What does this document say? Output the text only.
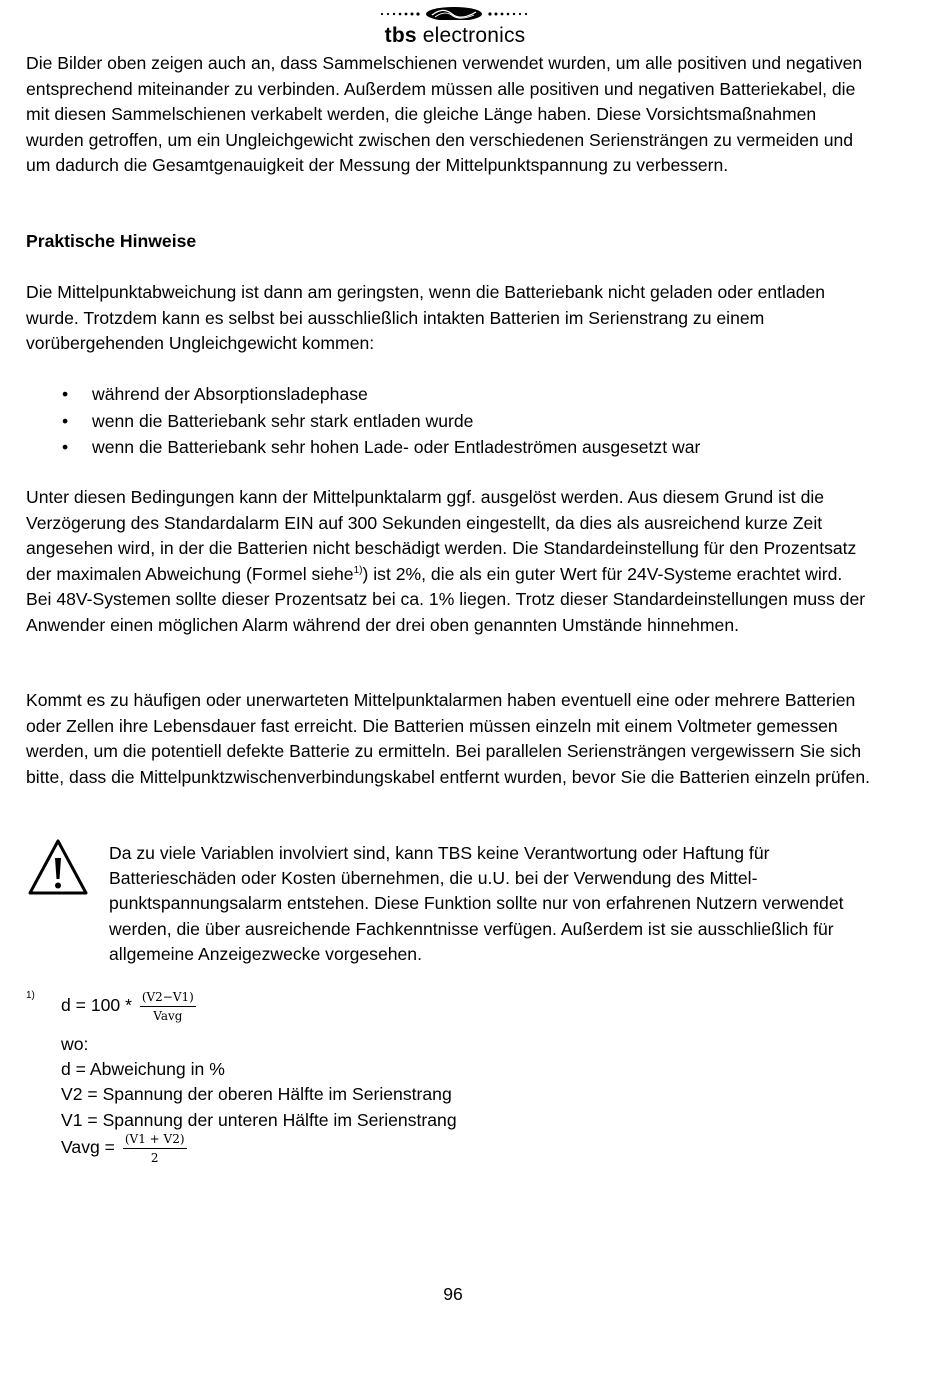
tbs electronics
Die Bilder oben zeigen auch an, dass Sammelschienen verwendet wurden, um alle positiven und negativen entsprechend miteinander zu verbinden. Außerdem müssen alle positiven und negativen Batteriekabel, die mit diesen Sammelschienen verkabelt werden, die gleiche Länge haben. Diese Vorsichtsmaßnahmen wurden getroffen, um ein Ungleichgewicht zwischen den verschiedenen Seriensträngen zu vermeiden und um dadurch die Gesamtgenauigkeit der Messung der Mittelpunktspannung zu verbessern.
Praktische Hinweise
Die Mittelpunktabweichung ist dann am geringsten, wenn die Batteriebank nicht geladen oder entladen wurde. Trotzdem kann es selbst bei ausschließlich intakten Batterien im Serienstrang zu einem vorübergehenden Ungleichgewicht kommen:
• während der Absorptionsladephase
• wenn die Batteriebank sehr stark entladen wurde
• wenn die Batteriebank sehr hohen Lade- oder Entladeströmen ausgesetzt war
Unter diesen Bedingungen kann der Mittelpunktalarm ggf. ausgelöst werden. Aus diesem Grund ist die Verzögerung des Standardalarm EIN auf 300 Sekunden eingestellt, da dies als ausreichend kurze Zeit angesehen wird, in der die Batterien nicht beschädigt werden. Die Standardeinstellung für den Prozentsatz der maximalen Abweichung (Formel siehe$^{1)}$) ist 2%, die als ein guter Wert für 24V-Systeme erachtet wird. Bei 48V-Systemen sollte dieser Prozentsatz bei ca. 1% liegen. Trotz dieser Standardeinstellungen muss der Anwender einen möglichen Alarm während der drei oben genannten Umstände hinnehmen.
Kommt es zu häufigen oder unerwarteten Mittelpunktalarmen haben eventuell eine oder mehrere Batterien oder Zellen ihre Lebensdauer fast erreicht. Die Batterien müssen einzeln mit einem Voltmeter gemessen werden, um die potentiell defekte Batterie zu ermitteln. Bei parallelen Seriensträngen vergewissern Sie sich bitte, dass die Mittelpunktzwischenverbindungskabel entfernt wurden, bevor Sie die Batterien einzeln prüfen.
Da zu viele Variablen involviert sind, kann TBS keine Verantwortung oder Haftung für Batterieschäden oder Kosten übernehmen, die u.U. bei der Verwendung des Mittel-punktspannungsalarm entstehen. Diese Funktion sollte nur von erfahrenen Nutzern verwendet werden, die über ausreichende Fachkenntnisse verfügen. Außerdem ist sie ausschließlich für allgemeine Anzeigezwecke vorgesehen.
1) $d = 100 * \frac{(V2-V1)}{\text{Vavg}}$
wo:
d = Abweichung in %
V2 = Spannung der oberen Hälfte im Serienstrang
V1 = Spannung der unteren Hälfte im Serienstrang
Vavg = $\frac{(V1 + V2)}{2}$
96
